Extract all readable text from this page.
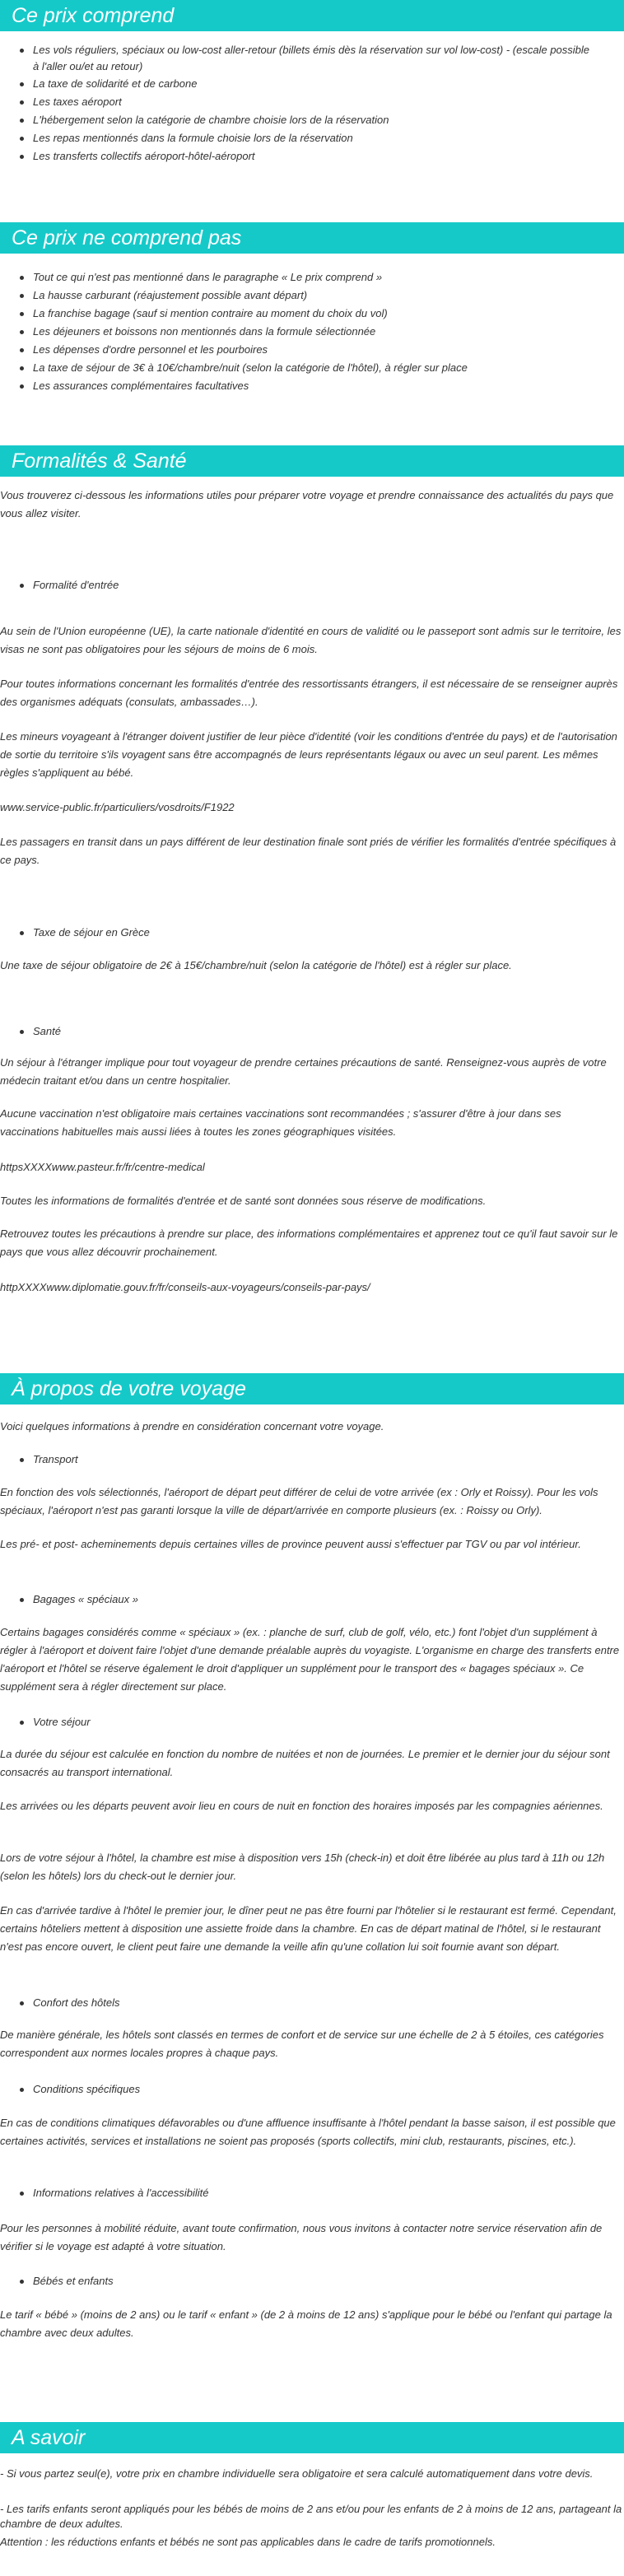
Ce prix comprend
Les vols réguliers, spéciaux ou low-cost aller-retour (billets émis dès la réservation sur vol low-cost) - (escale possible à l'aller ou/et au retour)
La taxe de solidarité et de carbone
Les taxes aéroport
L'hébergement selon la catégorie de chambre choisie lors de la réservation
Les repas mentionnés dans la formule choisie lors de la réservation
Les transferts collectifs aéroport-hôtel-aéroport
Ce prix ne comprend pas
Tout ce qui n'est pas mentionné dans le paragraphe « Le prix comprend »
La hausse carburant (réajustement possible avant départ)
La franchise bagage (sauf si mention contraire au moment du choix du vol)
Les déjeuners et boissons non mentionnés dans la formule sélectionnée
Les dépenses d'ordre personnel et les pourboires
La taxe de séjour de 3€ à 10€/chambre/nuit (selon la catégorie de l'hôtel), à régler sur place
Les assurances complémentaires facultatives
Formalités & Santé

Vous trouverez ci-dessous les informations utiles pour préparer votre voyage et prendre connaissance des actualités du pays que vous allez visiter.

Formalité d'entrée

Au sein de l'Union européenne (UE), la carte nationale d'identité en cours de validité ou le passeport sont admis sur le territoire, les visas ne sont pas obligatoires pour les séjours de moins de 6 mois.

Pour toutes informations concernant les formalités d'entrée des ressortissants étrangers, il est nécessaire de se renseigner auprès des organismes adéquats (consulats, ambassades…).

Les mineurs voyageant à l'étranger doivent justifier de leur pièce d'identité (voir les conditions d'entrée du pays) et de l'autorisation de sortie du territoire s'ils voyagent sans être accompagnés de leurs représentants légaux ou avec un seul parent. Les mêmes règles s'appliquent au bébé.

www.service-public.fr/particuliers/vosdroits/F1922

Les passagers en transit dans un pays différent de leur destination finale sont priés de vérifier les formalités d'entrée spécifiques à ce pays.

Taxe de séjour en Grèce

Une taxe de séjour obligatoire de 2€ à 15€/chambre/nuit (selon la catégorie de l'hôtel) est à régler sur place.

Santé

Un séjour à l'étranger implique pour tout voyageur de prendre certaines précautions de santé. Renseignez-vous auprès de votre médecin traitant et/ou dans un centre hospitalier.

Aucune vaccination n'est obligatoire mais certaines vaccinations sont recommandées ; s'assurer d'être à jour dans ses vaccinations habituelles mais aussi liées à toutes les zones géographiques visitées.

httpsXXXXwww.pasteur.fr/fr/centre-medical

Toutes les informations de formalités d'entrée et de santé sont données sous réserve de modifications.

Retrouvez toutes les précautions à prendre sur place, des informations complémentaires et apprenez tout ce qu'il faut savoir sur le pays que vous allez découvrir prochainement.

httpXXXXwww.diplomatie.gouv.fr/fr/conseils-aux-voyageurs/conseils-par-pays/

À propos de votre voyage

Voici quelques informations à prendre en considération concernant votre voyage.

Transport

En fonction des vols sélectionnés, l'aéroport de départ peut différer de celui de votre arrivée (ex : Orly et Roissy). Pour les vols spéciaux, l'aéroport n'est pas garanti lorsque la ville de départ/arrivée en comporte plusieurs (ex. : Roissy ou Orly).

Les pré- et post- acheminements depuis certaines villes de province peuvent aussi s'effectuer par TGV ou par vol intérieur.

Bagages « spéciaux »

Certains bagages considérés comme « spéciaux » (ex. : planche de surf, club de golf, vélo, etc.) font l'objet d'un supplément à régler à l'aéroport et doivent faire l'objet d'une demande préalable auprès du voyagiste. L'organisme en charge des transferts entre l'aéroport et l'hôtel se réserve également le droit d'appliquer un supplément pour le transport des « bagages spéciaux ». Ce supplément sera à régler directement sur place.

Votre séjour

La durée du séjour est calculée en fonction du nombre de nuitées et non de journées. Le premier et le dernier jour du séjour sont consacrés au transport international.

Les arrivées ou les départs peuvent avoir lieu en cours de nuit en fonction des horaires imposés par les compagnies aériennes.

Lors de votre séjour à l'hôtel, la chambre est mise à disposition vers 15h (check-in) et doit être libérée au plus tard à 11h ou 12h (selon les hôtels) lors du check-out le dernier jour.

En cas d'arrivée tardive à l'hôtel le premier jour, le dîner peut ne pas être fourni par l'hôtelier si le restaurant est fermé. Cependant, certains hôteliers mettent à disposition une assiette froide dans la chambre. En cas de départ matinal de l'hôtel, si le restaurant n'est pas encore ouvert, le client peut faire une demande la veille afin qu'une collation lui soit fournie avant son départ.

Confort des hôtels

De manière générale, les hôtels sont classés en termes de confort et de service sur une échelle de 2 à 5 étoiles, ces catégories correspondent aux normes locales propres à chaque pays.

Conditions spécifiques

En cas de conditions climatiques défavorables ou d'une affluence insuffisante à l'hôtel pendant la basse saison, il est possible que certaines activités, services et installations ne soient pas proposés (sports collectifs, mini club, restaurants, piscines, etc.).

Informations relatives à l'accessibilité

Pour les personnes à mobilité réduite, avant toute confirmation, nous vous invitons à contacter notre service réservation afin de vérifier si le voyage est adapté à votre situation.

Bébés et enfants

Le tarif « bébé » (moins de 2 ans) ou le tarif « enfant » (de 2 à moins de 12 ans) s'applique pour le bébé ou l'enfant qui partage la chambre avec deux adultes.

A savoir

- Si vous partez seul(e), votre prix en chambre individuelle sera obligatoire et sera calculé automatiquement dans votre devis.

- Les tarifs enfants seront appliqués pour les bébés de moins de 2 ans et/ou pour les enfants de 2 à moins de 12 ans, partageant la chambre de deux adultes.

Attention : les réductions enfants et bébés ne sont pas applicables dans le cadre de tarifs promotionnels.
